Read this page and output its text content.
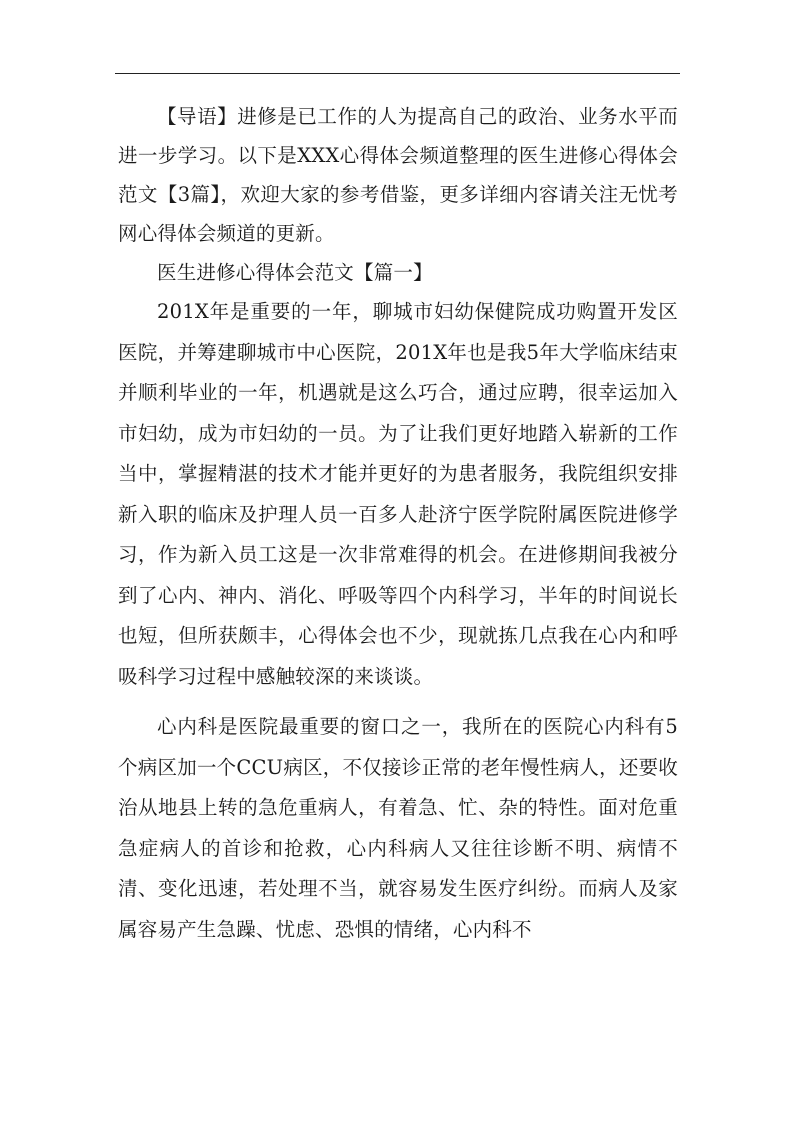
【导语】进修是已工作的人为提高自己的政治、业务水平而进一步学习。以下是XXX心得体会频道整理的医生进修心得体会范文【3篇】，欢迎大家的参考借鉴，更多详细内容请关注无忧考网心得体会频道的更新。

医生进修心得体会范文【篇一】

201X年是重要的一年，聊城市妇幼保健院成功购置开发区医院，并筹建聊城市中心医院，201X年也是我5年大学临床结束并顺利毕业的一年，机遇就是这么巧合，通过应聘，很幸运加入市妇幼，成为市妇幼的一员。为了让我们更好地踏入崭新的工作当中，掌握精湛的技术才能并更好的为患者服务，我院组织安排新入职的临床及护理人员一百多人赴济宁医学院附属医院进修学习，作为新入员工这是一次非常难得的机会。在进修期间我被分到了心内、神内、消化、呼吸等四个内科学习，半年的时间说长也短，但所获颇丰，心得体会也不少，现就拣几点我在心内和呼吸科学习过程中感触较深的来谈谈。

心内科是医院最重要的窗口之一，我所在的医院心内科有5个病区加一个CCU病区，不仅接诊正常的老年慢性病人，还要收治从地县上转的急危重病人，有着急、忙、杂的特性。面对危重急症病人的首诊和抢救，心内科病人又往往诊断不明、病情不清、变化迅速，若处理不当，就容易发生医疗纠纷。而病人及家属容易产生急躁、忧虑、恐惧的情绪，心内科不
